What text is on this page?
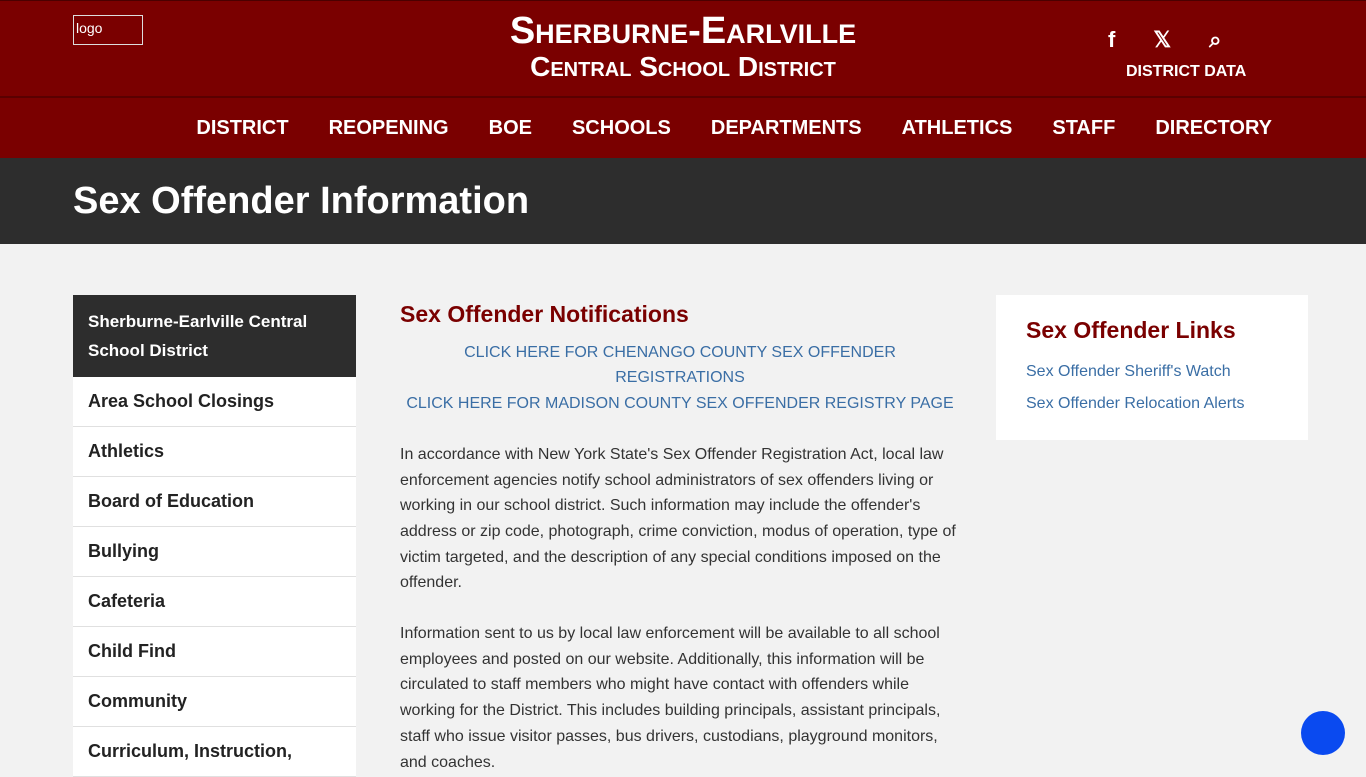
logo	Sherburne-Earlville
Central School District
f 𝕏 ⌕
DISTRICT DATA
DISTRICT REOPENING BOE SCHOOLS DEPARTMENTS ATHLETICS STAFF DIRECTORY
Sex Offender Information
Sherburne-Earlville Central School District
Area School Closings
Athletics
Board of Education
Bullying
Cafeteria
Child Find
Community
Curriculum, Instruction,
Sex Offender Notifications
CLICK HERE FOR CHENANGO COUNTY SEX OFFENDER REGISTRATIONS
CLICK HERE FOR MADISON COUNTY SEX OFFENDER REGISTRY PAGE

In accordance with New York State's Sex Offender Registration Act, local law enforcement agencies notify school administrators of sex offenders living or working in our school district. Such information may include the offender's address or zip code, photograph, crime conviction, modus of operation, type of victim targeted, and the description of any special conditions imposed on the offender.

Information sent to us by local law enforcement will be available to all school employees and posted on our website. Additionally, this information will be circulated to staff members who might have contact with offenders while working for the District. This includes building principals, assistant principals, staff who issue visitor passes, bus drivers, custodians, playground monitors, and coaches.

Sex Offender Links
Sex Offender Sheriff's Watch
Sex Offender Relocation Alerts
